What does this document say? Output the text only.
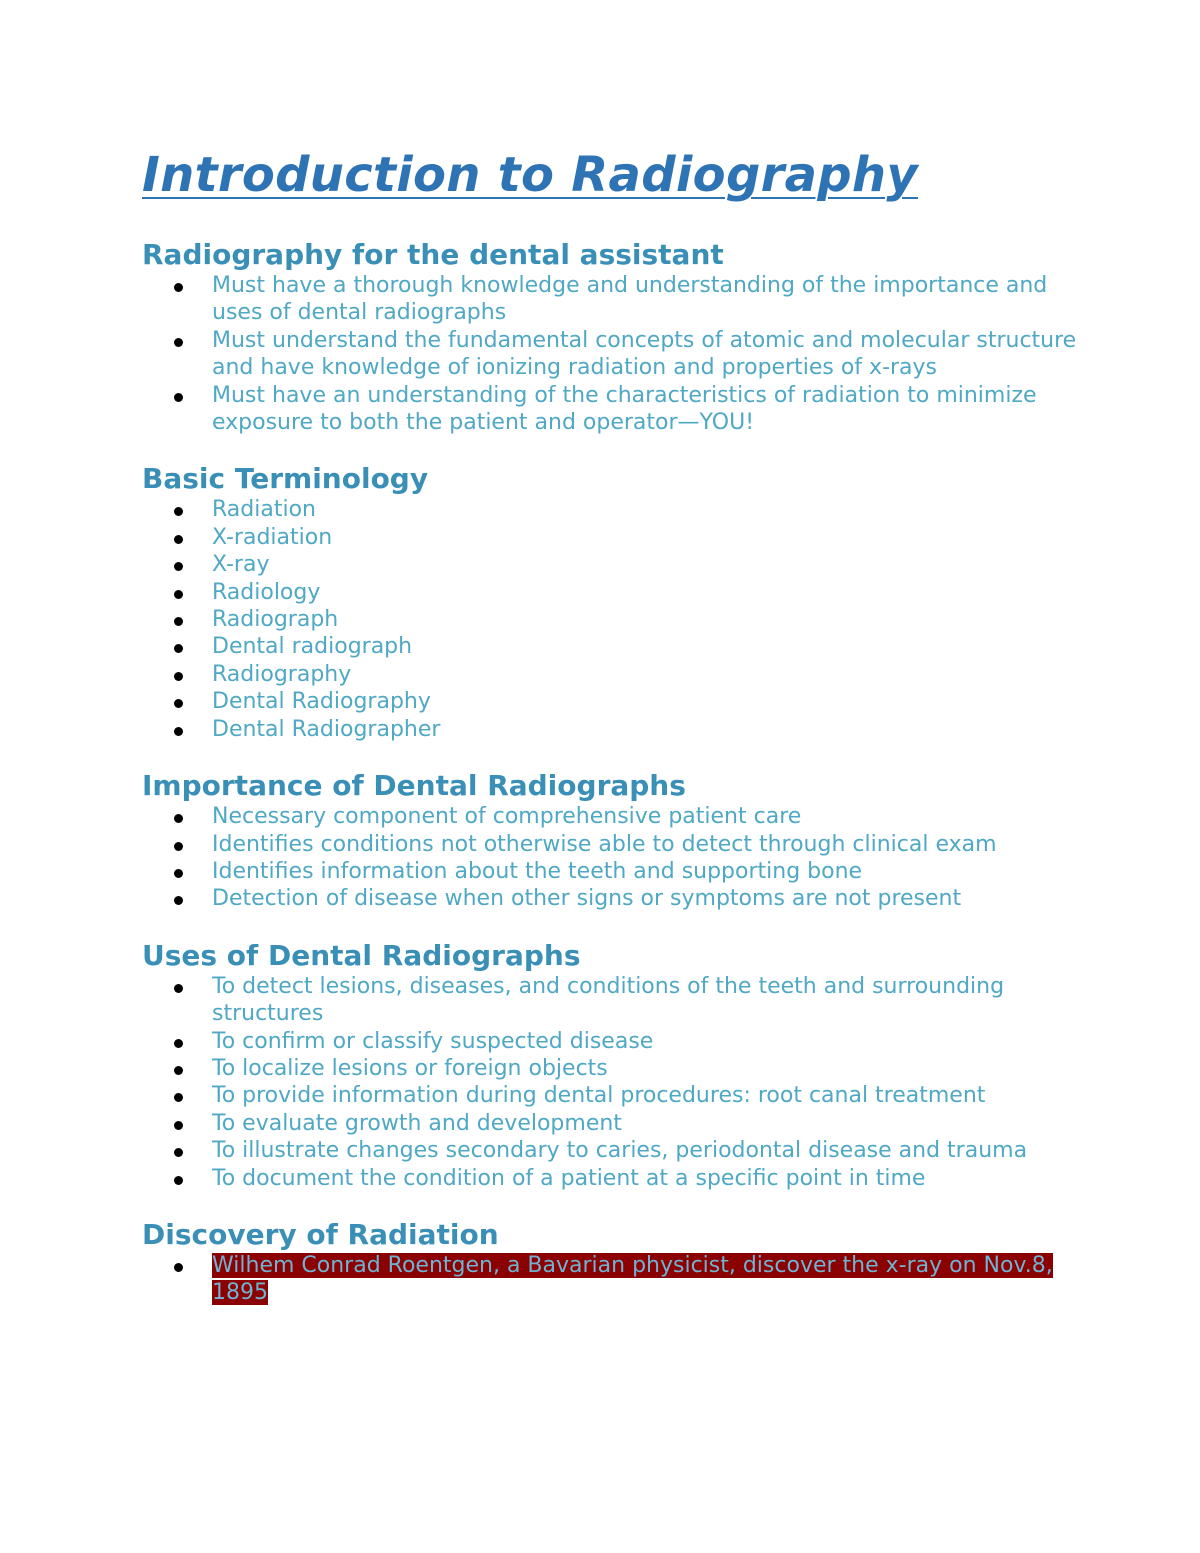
Introduction to Radiography
Radiography for the dental assistant
Must have a thorough knowledge and understanding of the importance and uses of dental radiographs
Must understand the fundamental concepts of atomic and molecular structure and have knowledge of ionizing radiation and properties of x-rays
Must have an understanding of the characteristics of radiation to minimize exposure to both the patient and operator—YOU!
Basic Terminology
Radiation
X-radiation
X-ray
Radiology
Radiograph
Dental radiograph
Radiography
Dental Radiography
Dental Radiographer
Importance of Dental Radiographs
Necessary component of comprehensive patient care
Identifies conditions not otherwise able to detect through clinical exam
Identifies information about the teeth and supporting bone
Detection of disease when other signs or symptoms are not present
Uses of Dental Radiographs
To detect lesions, diseases, and conditions of the teeth and surrounding structures
To confirm or classify suspected disease
To localize lesions or foreign objects
To provide information during dental procedures: root canal treatment
To evaluate growth and development
To illustrate changes secondary to caries, periodontal disease and trauma
To document the condition of a patient at a specific point in time
Discovery of Radiation
Wilhem Conrad Roentgen, a Bavarian physicist, discover the x-ray on Nov.8, 1895
